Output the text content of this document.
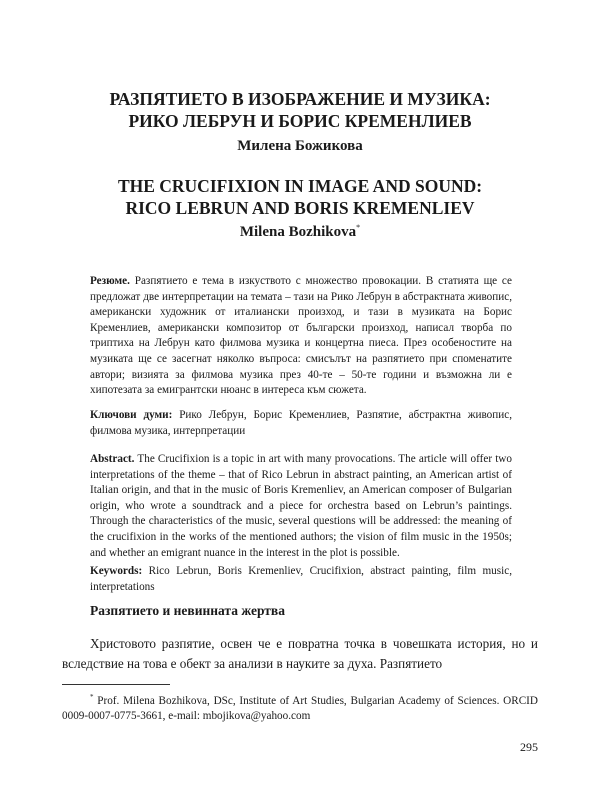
РАЗПЯТИЕТО В ИЗОБРАЖЕНИЕ И МУЗИКА:
РИКО ЛЕБРУН И БОРИС КРЕМЕНЛИЕВ

Милена Божикова

THE CRUCIFIXION IN IMAGE AND SOUND:
RICO LEBRUN AND BORIS KREMENLIEV

Milena Bozhikova*

Резюме. Разпятието е тема в изкуството с множество провокации. В статията ще се предложат две интерпретации на темата – тази на Рико Лебрун в абстрактната живопис, американски художник от италиански произход, и тази в музиката на Борис Кременлиев, американски композитор от български произход, написал творба по триптиха на Лебрун като филмова музика и концертна пиеса. През особеностите на музиката ще се засегнат няколко въпроса: смисълът на разпятието при споменатите автори; визията за филмова музика през 40-те – 50-те години и възможна ли е хипотезата за емигрантски нюанс в интереса към сюжета.

Ключови думи: Рико Лебрун, Борис Кременлиев, Разпятие, абстрактна живопис, филмова музика, интерпретации

Abstract. The Crucifixion is a topic in art with many provocations. The article will offer two interpretations of the theme – that of Rico Lebrun in abstract painting, an American artist of Italian origin, and that in the music of Boris Kremenliev, an American composer of Bulgarian origin, who wrote a soundtrack and a piece for orchestra based on Lebrun’s paintings. Through the characteristics of the music, several questions will be addressed: the meaning of the crucifixion in the works of the mentioned authors; the vision of film music in the 1950s; and whether an emigrant nuance in the interest in the plot is possible.

Keywords: Rico Lebrun, Boris Kremenliev, Crucifixion, abstract painting, film music, interpretations

Разпятието и невинната жертва

Христовото разпятие, освен че е повратна точка в човешката история, но и вследствие на това е обект за анализи в науките за духа. Разпятието

* Prof. Milena Bozhikova, DSc, Institute of Art Studies, Bulgarian Academy of Sciences. ORCID 0009-0007-0775-3661, e-mail: mbojikova@yahoo.com

295
